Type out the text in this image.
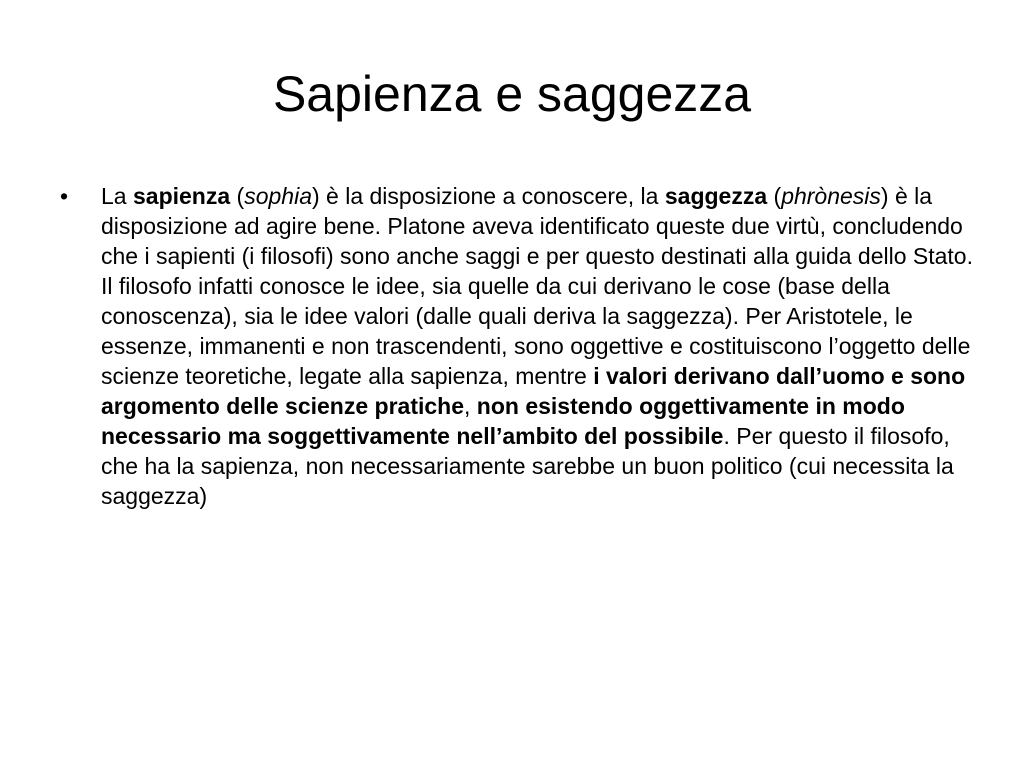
Sapienza e saggezza
•	La sapienza (sophia) è la disposizione a conoscere, la saggezza (phrònesis) è la disposizione ad agire bene. Platone aveva identificato queste due virtù, concludendo che i sapienti (i filosofi) sono anche saggi e per questo destinati alla guida dello Stato. Il filosofo infatti conosce le idee, sia quelle da cui derivano le cose (base della conoscenza), sia le idee valori (dalle quali deriva la saggezza). Per Aristotele, le essenze, immanenti e non trascendenti, sono oggettive e costituiscono l’oggetto delle scienze teoretiche, legate alla sapienza, mentre i valori derivano dall’uomo e sono argomento delle scienze pratiche, non esistendo oggettivamente in modo necessario ma soggettivamente nell’ambito del possibile. Per questo il filosofo, che ha la sapienza, non necessariamente sarebbe un buon politico (cui necessita la saggezza)
